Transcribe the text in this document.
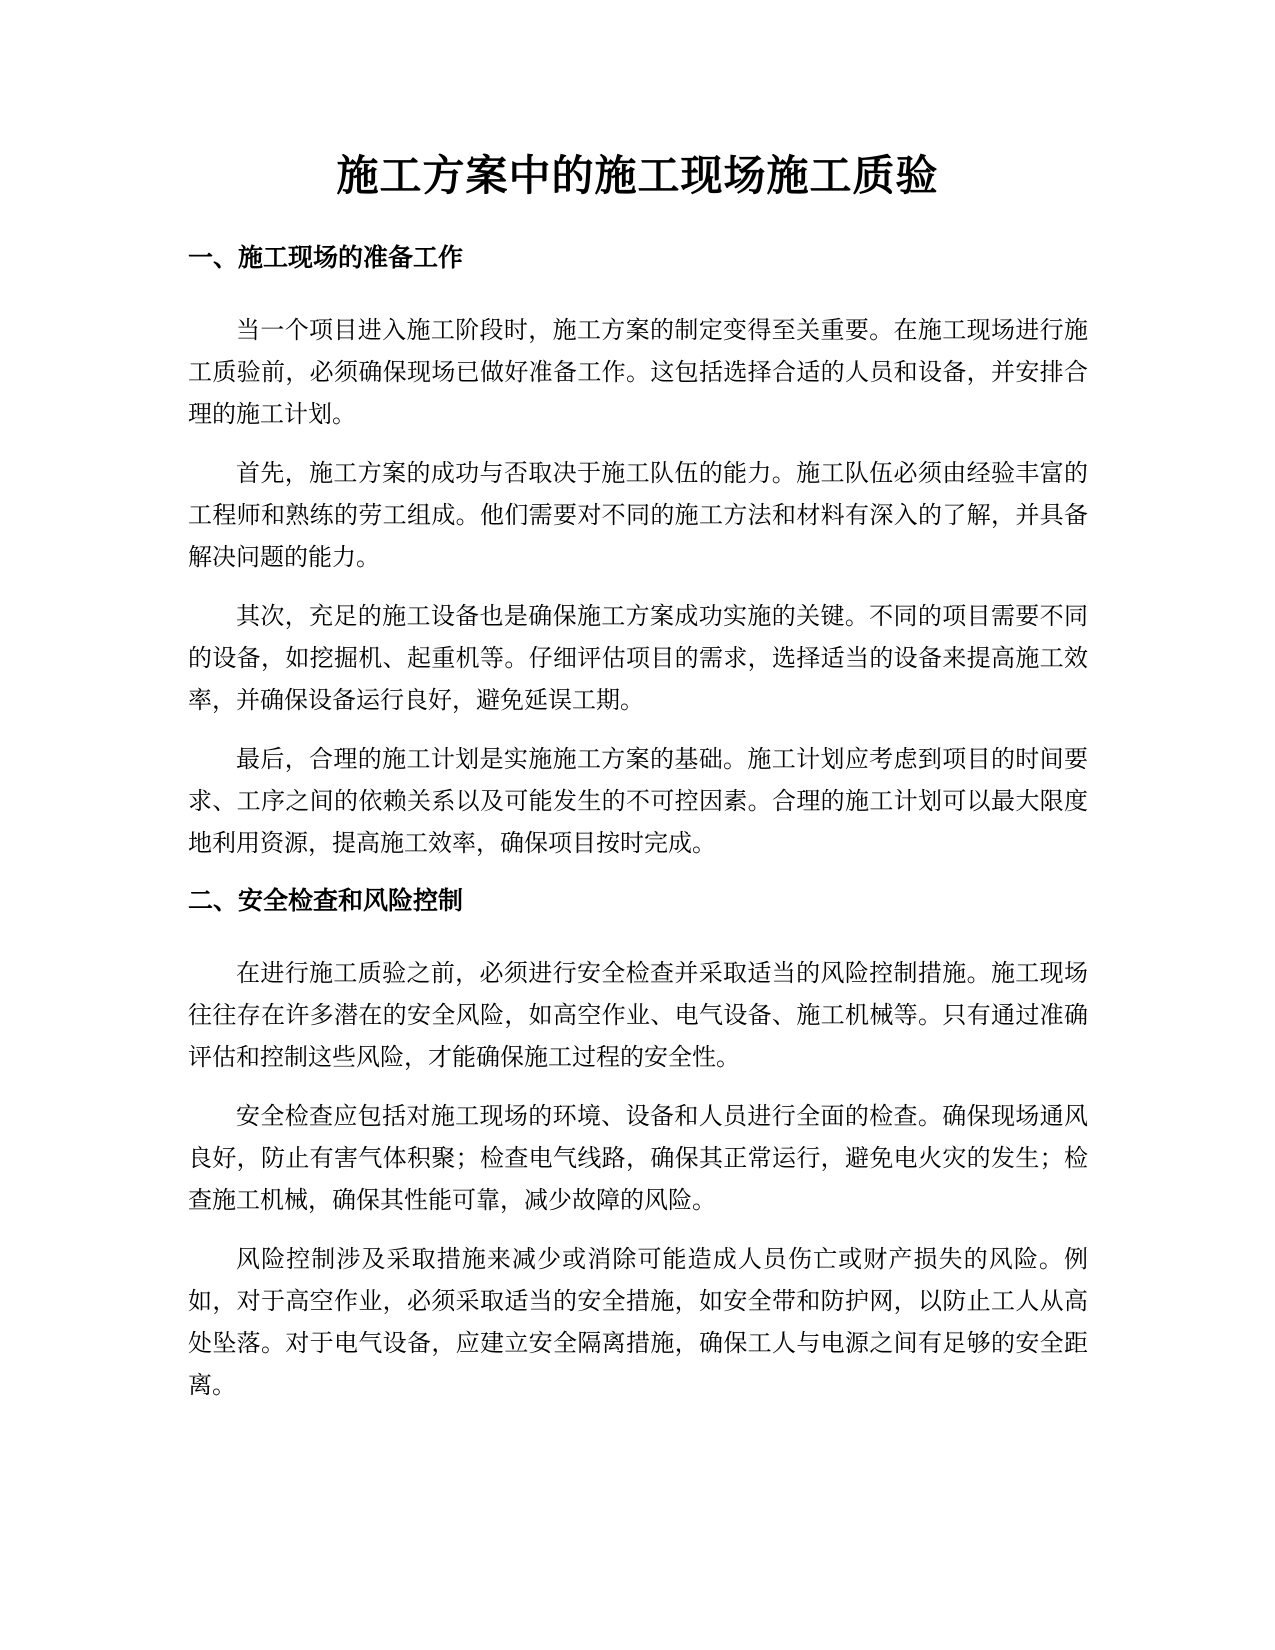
施工方案中的施工现场施工质验
一、施工现场的准备工作

当一个项目进入施工阶段时，施工方案的制定变得至关重要。在施工现场进行施工质验前，必须确保现场已做好准备工作。这包括选择合适的人员和设备，并安排合理的施工计划。

首先，施工方案的成功与否取决于施工队伍的能力。施工队伍必须由经验丰富的工程师和熟练的劳工组成。他们需要对不同的施工方法和材料有深入的了解，并具备解决问题的能力。

其次，充足的施工设备也是确保施工方案成功实施的关键。不同的项目需要不同的设备，如挖掘机、起重机等。仔细评估项目的需求，选择适当的设备来提高施工效率，并确保设备运行良好，避免延误工期。

最后，合理的施工计划是实施施工方案的基础。施工计划应考虑到项目的时间要求、工序之间的依赖关系以及可能发生的不可控因素。合理的施工计划可以最大限度地利用资源，提高施工效率，确保项目按时完成。

二、安全检查和风险控制

在进行施工质验之前，必须进行安全检查并采取适当的风险控制措施。施工现场往往存在许多潜在的安全风险，如高空作业、电气设备、施工机械等。只有通过准确评估和控制这些风险，才能确保施工过程的安全性。

安全检查应包括对施工现场的环境、设备和人员进行全面的检查。确保现场通风良好，防止有害气体积聚；检查电气线路，确保其正常运行，避免电火灾的发生；检查施工机械，确保其性能可靠，减少故障的风险。

风险控制涉及采取措施来减少或消除可能造成人员伤亡或财产损失的风险。例如，对于高空作业，必须采取适当的安全措施，如安全带和防护网，以防止工人从高处坠落。对于电气设备，应建立安全隔离措施，确保工人与电源之间有足够的安全距离。
